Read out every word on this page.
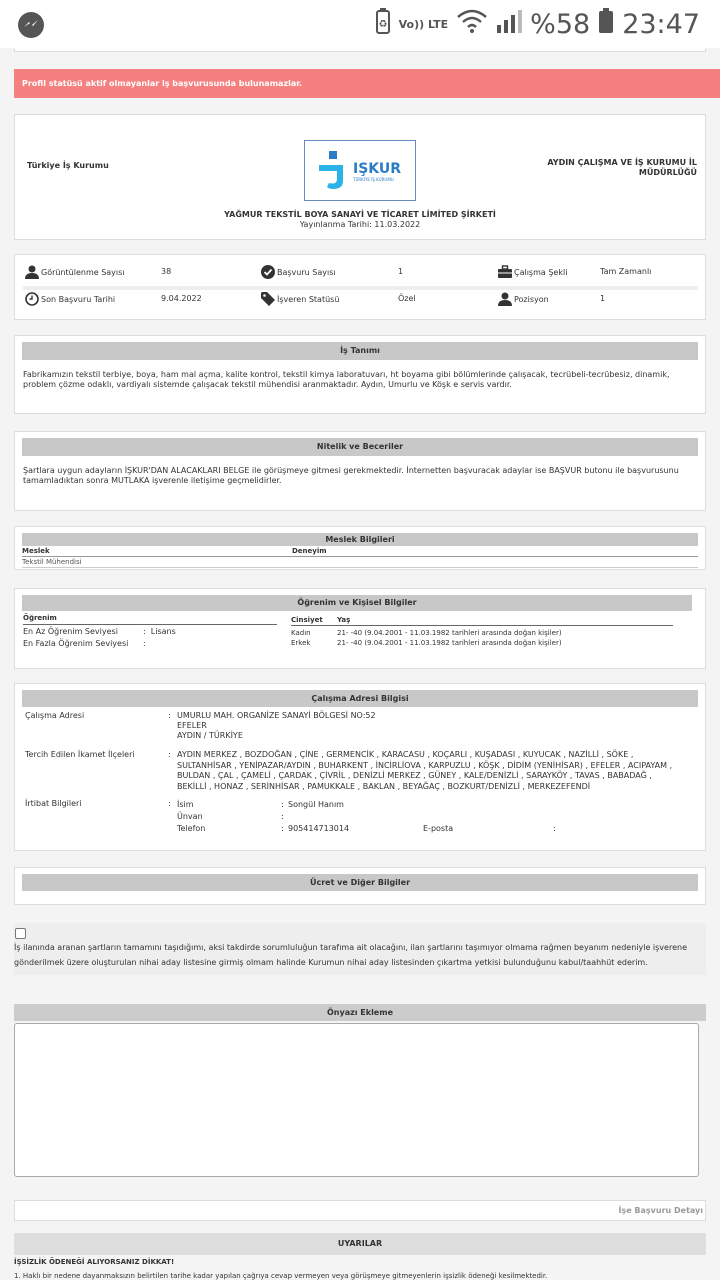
♻ Vo)) LTE	%58 23:47
Profil statüsü aktif olmayanlar iş başvurusunda bulunamazlar.
Türkiye İş Kurumu	IŞKUR
TÜRKİYE İŞ KURUMU
AYDIN ÇALIŞMA VE İŞ KURUMU İL MÜDÜRLÜĞÜ
YAĞMUR TEKSTİL BOYA SANAYİ VE TİCARET LİMİTED ŞİRKETİ
Yayınlanma Tarihi: 11.03.2022
Görüntülenme Sayısı	38	Başvuru Sayısı	1	Çalışma Şekli	Tam Zamanlı
Son Başvuru Tarihi	9.04.2022	İşveren Statüsü	Özel	Pozisyon	1
İş Tanımı
Fabrikamızın tekstil terbiye, boya, ham mal açma, kalite kontrol, tekstil kimya laboratuvarı, ht boyama gibi bölümlerinde çalışacak, tecrübeli-tecrübesiz, dinamik, problem çözme odaklı, vardiyalı sistemde çalışacak tekstil mühendisi aranmaktadır. Aydın, Umurlu ve Köşk e servis vardır.
Nitelik ve Beceriler
Şartlara uygun adayların İŞKUR'DAN ALACAKLARI BELGE ile görüşmeye gitmesi gerekmektedir. İnternetten başvuracak adaylar ise BAŞVUR butonu ile başvurusunu tamamladıktan sonra MUTLAKA işverenle iletişime geçmelidirler.
Meslek Bilgileri
Meslek	Deneyim
Tekstil Mühendisi
Öğrenim ve Kişisel Bilgiler
Öğrenim
En Az Öğrenim Seviyesi	:  Lisans
En Fazla Öğrenim Seviyesi :
Cinsiyet Yaş
Kadın	21- -40 (9.04.2001 - 11.03.1982 tarihleri arasında doğan kişiler)
Erkek	21- -40 (9.04.2001 - 11.03.1982 tarihleri arasında doğan kişiler)
Çalışma Adresi Bilgisi
Çalışma Adresi	: UMURLU MAH. ORGANİZE SANAYİ BÖLGESİ NO:52
EFELER
AYDIN / TÜRKİYE
Tercih Edilen İkamet İlçeleri	: AYDIN MERKEZ , BOZDOĞAN , ÇİNE , GERMENCİK , KARACASU , KOÇARLI , KUŞADASI , KUYUCAK , NAZİLLİ , SÖKE ,
SULTANHİSAR , YENİPAZAR/AYDIN , BUHARKENT , İNCİRLİOVA , KARPUZLU , KÖŞK , DİDİM (YENİHİSAR) , EFELER , ACIPAYAM ,
BULDAN , ÇAL , ÇAMELİ , ÇARDAK , ÇİVRİL , DENİZLİ MERKEZ , GÜNEY , KALE/DENİZLİ , SARAYKÖY , TAVAS , BABADAĞ ,
BEKİLLİ , HONAZ , SERİNHİSAR , PAMUKKALE , BAKLAN , BEYAĞAÇ , BOZKURT/DENİZLİ , MERKEZEFENDİ
İrtibat Bilgileri	: İsim	: Songül Hanım
Ünvan	:
Telefon	: 905414713014	E-posta	:
Ücret ve Diğer Bilgiler
İş ilanında aranan şartların tamamını taşıdığımı, aksi takdirde sorumluluğun tarafıma ait olacağını, ilan şartlarını taşımıyor olmama rağmen beyanım nedeniyle işverene
gönderilmek üzere oluşturulan nihai aday listesine girmiş olmam halinde Kurumun nihai aday listesinden çıkartma yetkisi bulunduğunu kabul/taahhüt ederim.
Önyazı Ekleme
İşe Başvuru Detayı
UYARILAR
İŞSİZLİK ÖDENEĞİ ALIYORSANIZ DİKKAT!
1. Haklı bir nedene dayanmaksızın belirtilen tarihe kadar yapılan çağrıya cevap vermeyen veya görüşmeye gitmeyenlerin işsizlik ödeneği kesilmektedir.
